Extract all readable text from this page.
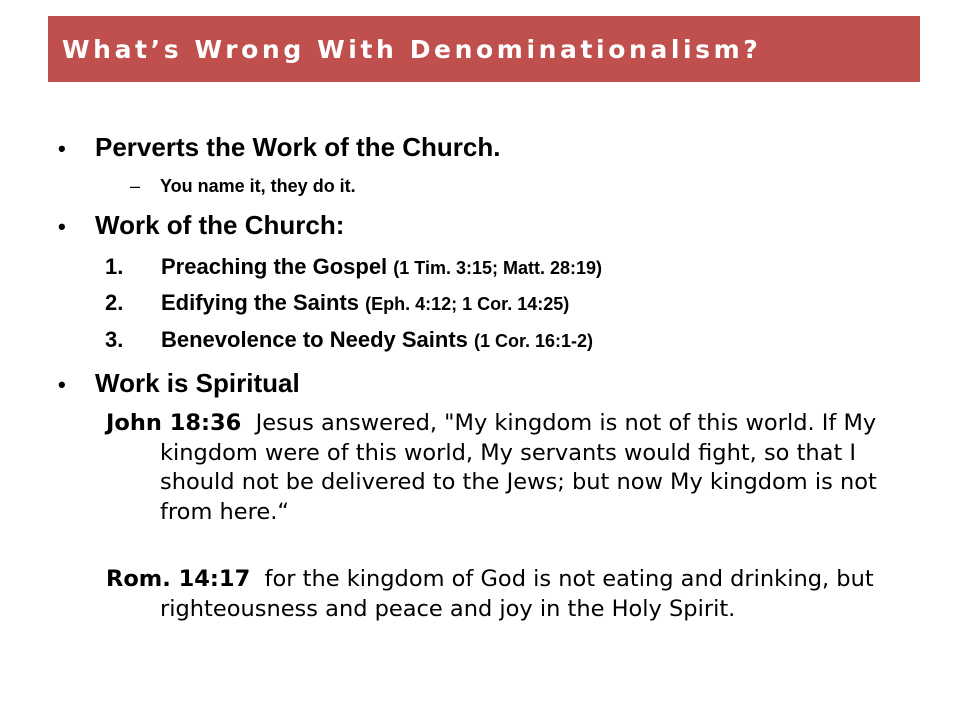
What’s Wrong With Denominationalism?
•	Perverts the Work of the Church.
–	You name it, they do it.
•	Work of the Church:
1.	Preaching the Gospel
(1 Tim. 3:15; Matt. 28:19)
2.	Edifying the Saints
(Eph. 4:12; 1 Cor. 14:25)
3.	Benevolence to Needy Saints
(1 Cor. 16:1-2)
•	Work is Spiritual
John 18:36 Jesus answered, "My kingdom is not of this world. If My kingdom were of this world, My servants would fight, so that I should not be delivered to the Jews; but now My kingdom is not from here.“
Rom. 14:17 for the kingdom of God is not eating and drinking, but righteousness and peace and joy in the Holy Spirit.
